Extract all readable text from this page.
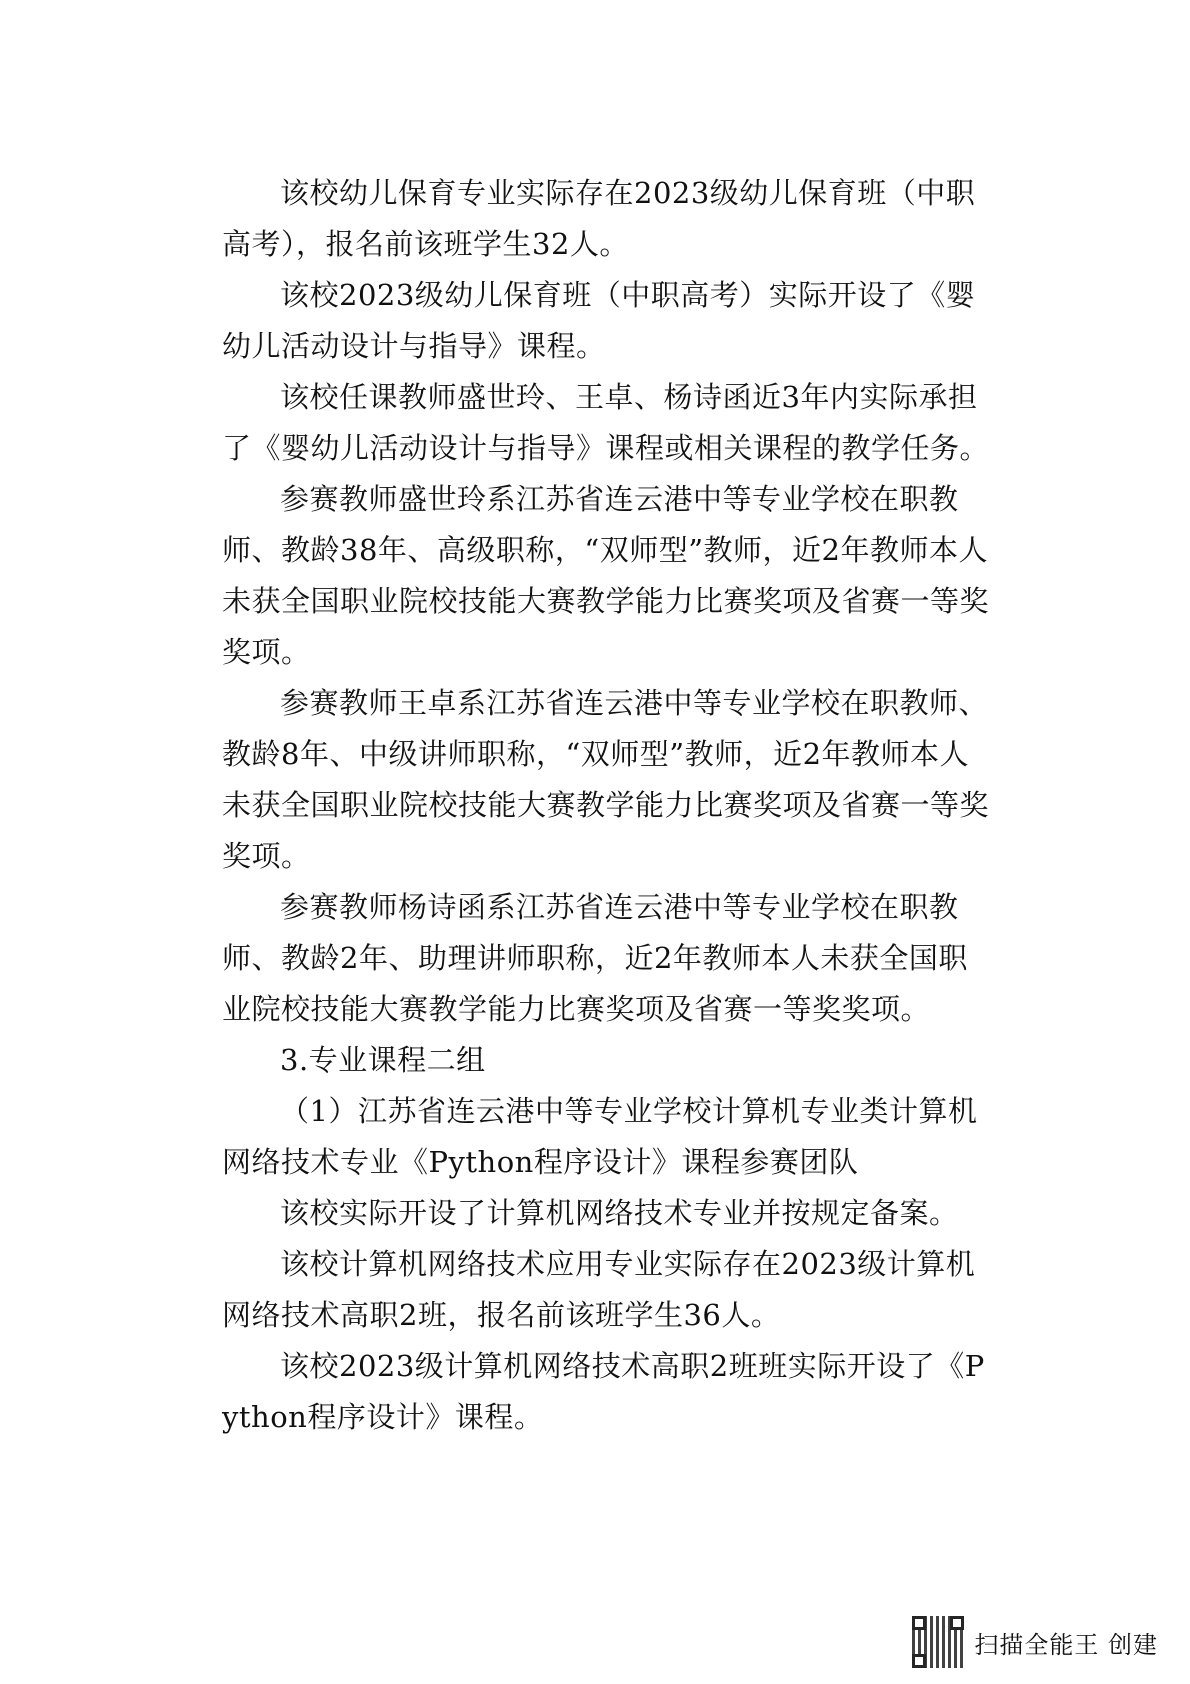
该校幼儿保育专业实际存在2023级幼儿保育班（中职高考），报名前该班学生32人。

该校2023级幼儿保育班（中职高考）实际开设了《婴幼儿活动设计与指导》课程。

该校任课教师盛世玲、王卓、杨诗函近3年内实际承担了《婴幼儿活动设计与指导》课程或相关课程的教学任务。

参赛教师盛世玲系江苏省连云港中等专业学校在职教师、教龄38年、高级职称，“双师型”教师，近2年教师本人未获全国职业院校技能大赛教学能力比赛奖项及省赛一等奖奖项。

参赛教师王卓系江苏省连云港中等专业学校在职教师、教龄8年、中级讲师职称，“双师型”教师，近2年教师本人未获全国职业院校技能大赛教学能力比赛奖项及省赛一等奖奖项。

参赛教师杨诗函系江苏省连云港中等专业学校在职教师、教龄2年、助理讲师职称，近2年教师本人未获全国职业院校技能大赛教学能力比赛奖项及省赛一等奖奖项。

3.专业课程二组

（1）江苏省连云港中等专业学校计算机专业类计算机网络技术专业《Python程序设计》课程参赛团队

该校实际开设了计算机网络技术专业并按规定备案。

该校计算机网络技术应用专业实际存在2023级计算机网络技术高职2班，报名前该班学生36人。

该校2023级计算机网络技术高职2班班实际开设了《Python程序设计》课程。

扫描全能王 创建
